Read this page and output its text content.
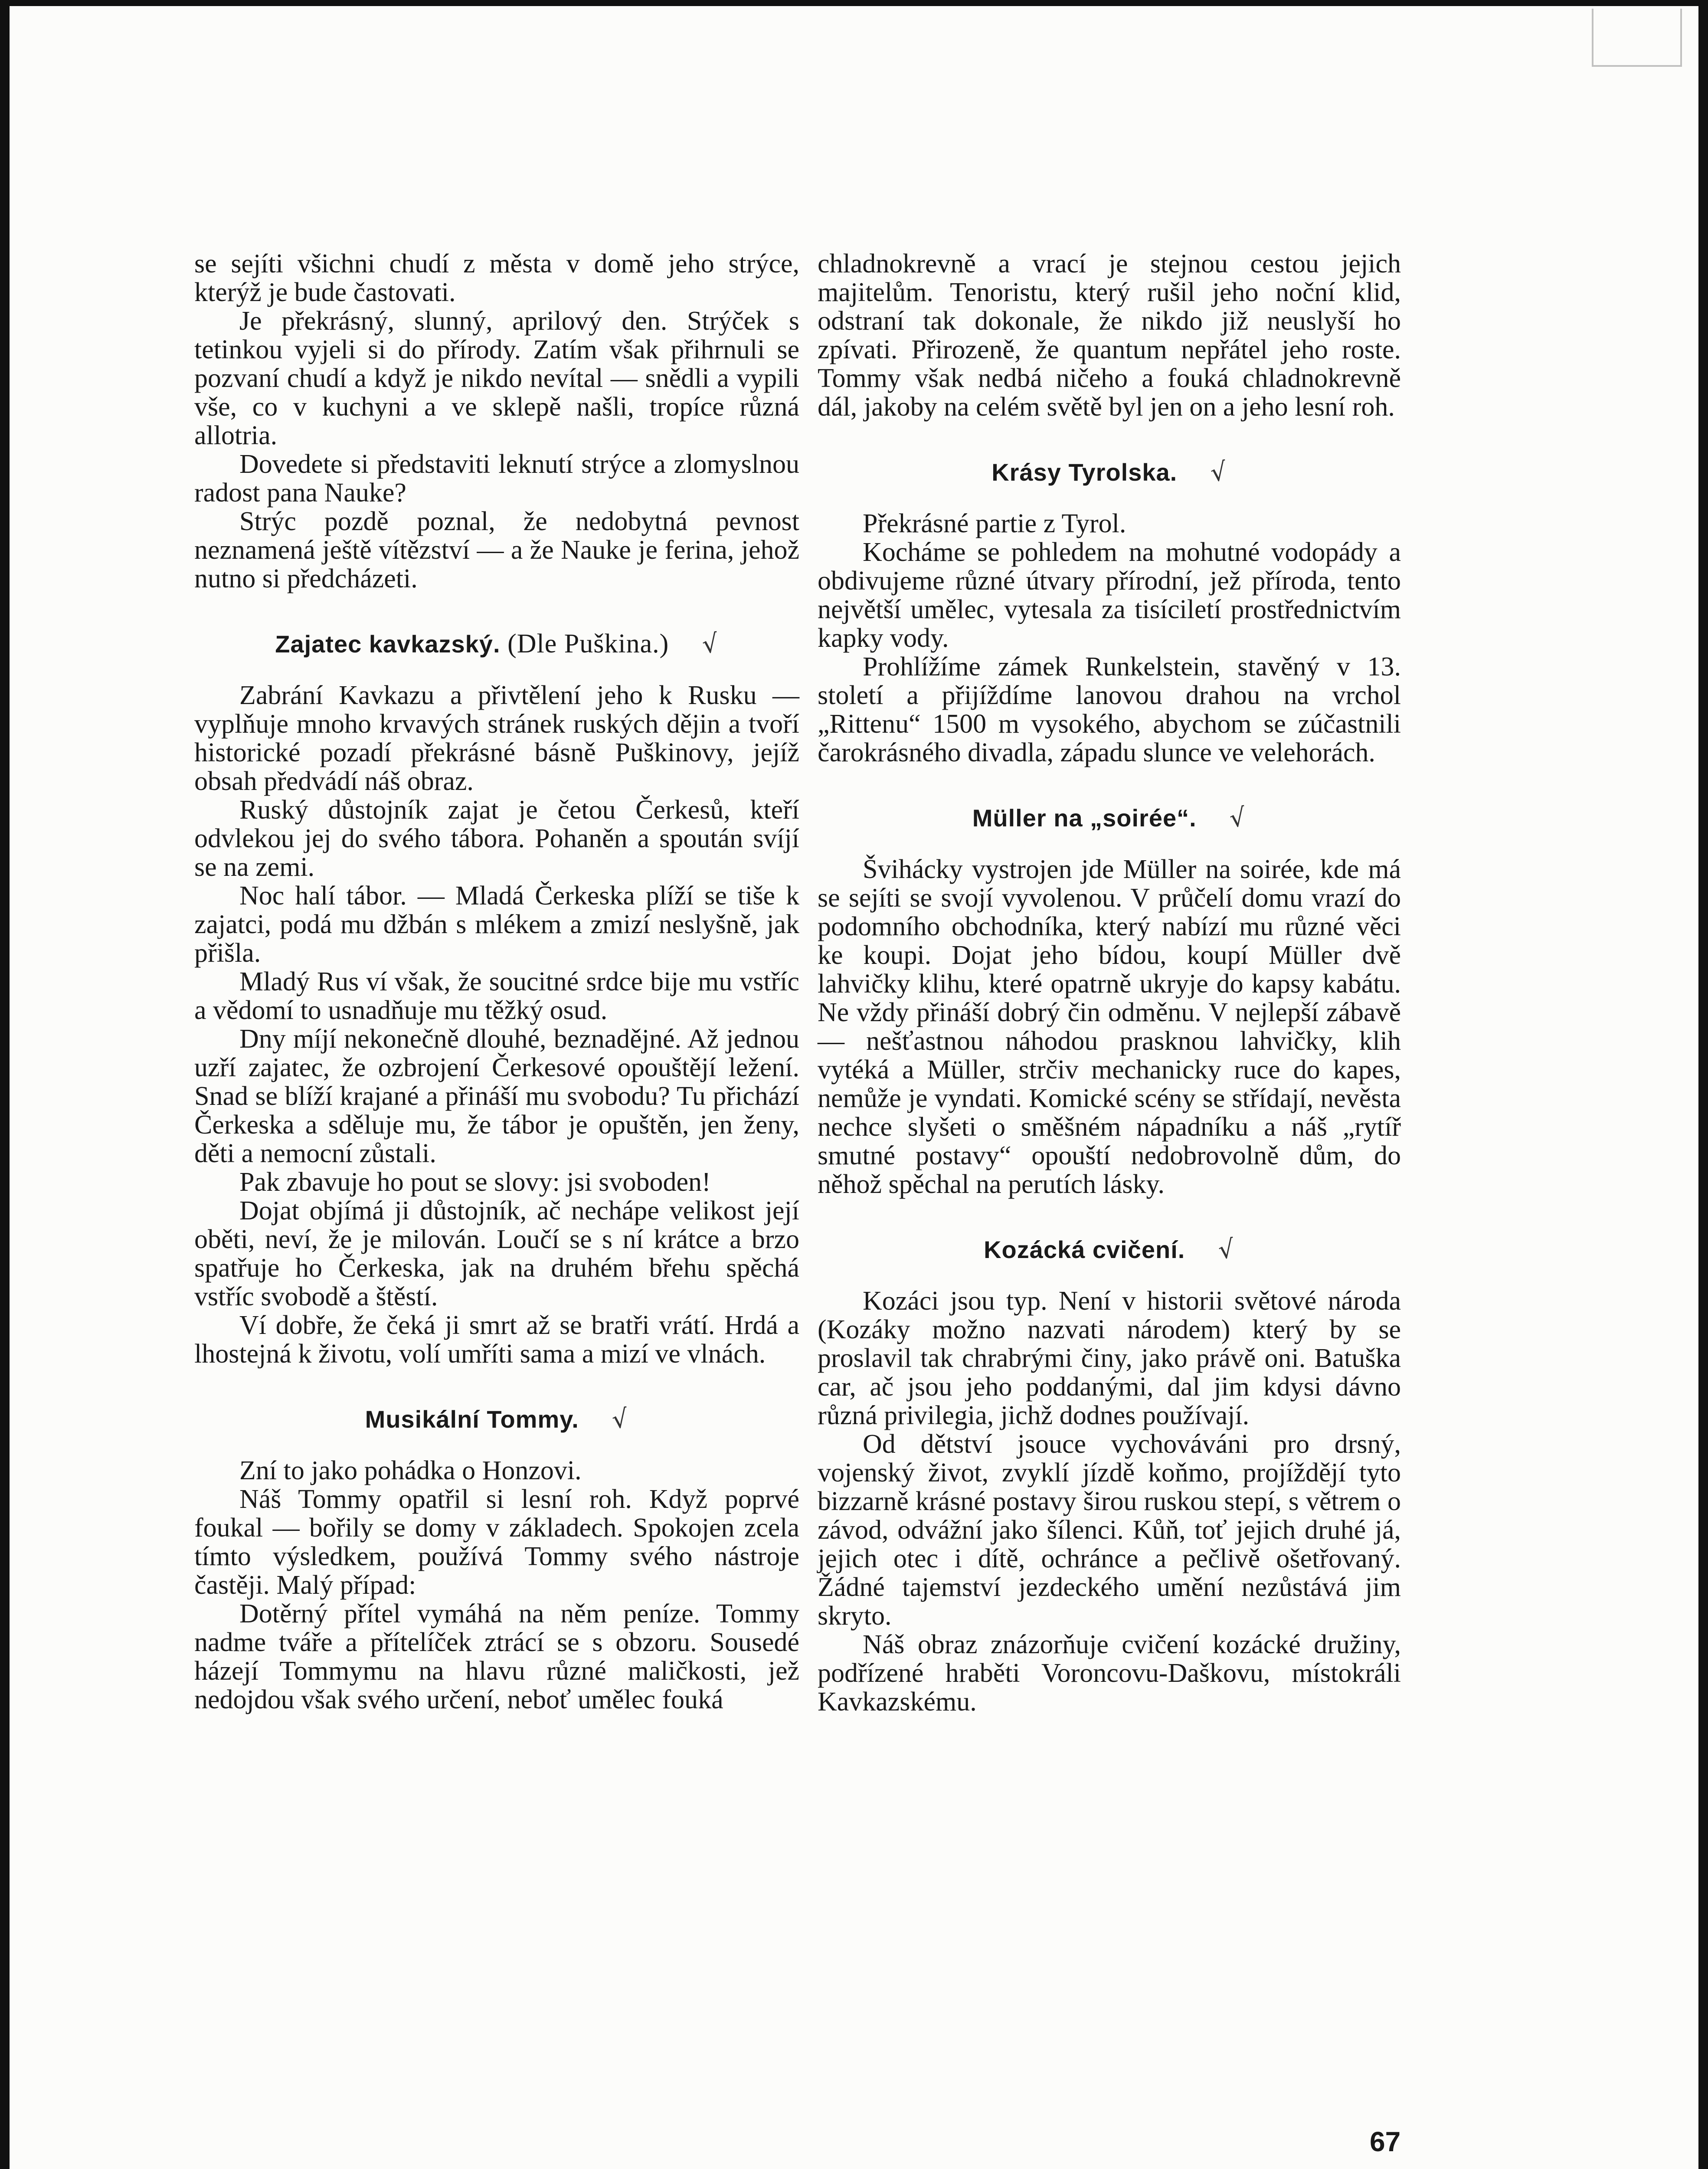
se sejíti všichni chudí z města v domě jeho strýce, kterýž je bude častovati.

Je překrásný, slunný, aprilový den. Strýček s tetinkou vyjeli si do přírody. Zatím však přihrnuli se pozvaní chudí a když je nikdo nevítal — snědli a vypili vše, co v kuchyni a ve sklepě našli, tropíce různá allotria.

Dovedete si představiti leknutí strýce a zlomyslnou radost pana Nauke?

Strýc pozdě poznal, že nedobytná pevnost neznamená ještě vítězství — a že Nauke je ferina, jehož nutno si předcházeti.

Zajatec kavkazský. (Dle Puškina.) √

Zabrání Kavkazu a přivtělení jeho k Rusku — vyplňuje mnoho krvavých stránek ruských dějin a tvoří historické pozadí překrásné básně Puškinovy, jejíž obsah předvádí náš obraz.

Ruský důstojník zajat je četou Čerkesů, kteří odvlekou jej do svého tábora. Pohaněn a spoután svíjí se na zemi.

Noc halí tábor. — Mladá Čerkeska plíží se tiše k zajatci, podá mu džbán s mlékem a zmizí neslyšně, jak přišla.

Mladý Rus ví však, že soucitné srdce bije mu vstříc a vědomí to usnadňuje mu těžký osud.

Dny míjí nekonečně dlouhé, beznadějné. Až jednou uzří zajatec, že ozbrojení Čerkesové opouštějí ležení. Snad se blíží krajané a přináší mu svobodu? Tu přichází Čerkeska a sděluje mu, že tábor je opuštěn, jen ženy, děti a nemocní zůstali.

Pak zbavuje ho pout se slovy: jsi svoboden!

Dojat objímá ji důstojník, ač nechápe velikost její oběti, neví, že je milován. Loučí se s ní krátce a brzo spatřuje ho Čerkeska, jak na druhém břehu spěchá vstříc svobodě a štěstí.

Ví dobře, že čeká ji smrt až se bratři vrátí. Hrdá a lhostejná k životu, volí umříti sama a mizí ve vlnách.

Musikální Tommy. √

Zní to jako pohádka o Honzovi.

Náš Tommy opatřil si lesní roh. Když poprvé foukal — bořily se domy v základech. Spokojen zcela tímto výsledkem, používá Tommy svého nástroje častěji. Malý případ:

Dotěrný přítel vymáhá na něm peníze. Tommy nadme tváře a přítelíček ztrácí se s obzoru. Sousedé házejí Tommymu na hlavu různé maličkosti, jež nedojdou však svého určení, neboť umělec fouká

chladnokrevně a vrací je stejnou cestou jejich majitelům. Tenoristu, který rušil jeho noční klid, odstraní tak dokonale, že nikdo již neuslyší ho zpívati. Přirozeně, že quantum nepřátel jeho roste. Tommy však nedbá ničeho a fouká chladnokrevně dál, jakoby na celém světě byl jen on a jeho lesní roh.

Krásy Tyrolska. √

Překrásné partie z Tyrol.

Kocháme se pohledem na mohutné vodopády a obdivujeme různé útvary přírodní, jež příroda, tento největší umělec, vytesala za tisíciletí prostřednictvím kapky vody.

Prohlížíme zámek Runkelstein, stavěný v 13. století a přijíždíme lanovou drahou na vrchol „Rittenu“ 1500 m vysokého, abychom se zúčastnili čarokrásného divadla, západu slunce ve velehorách.

Müller na „soirée“. √

Švihácky vystrojen jde Müller na soirée, kde má se sejíti se svojí vyvolenou. V průčelí domu vrazí do podomního obchodníka, který nabízí mu různé věci ke koupi. Dojat jeho bídou, koupí Müller dvě lahvičky klihu, které opatrně ukryje do kapsy kabátu. Ne vždy přináší dobrý čin odměnu. V nejlepší zábavě — nešťastnou náhodou prasknou lahvičky, klih vytéká a Müller, strčiv mechanicky ruce do kapes, nemůže je vyndati. Komické scény se střídají, nevěsta nechce slyšeti o směšném nápadníku a náš „rytíř smutné postavy“ opouští nedobrovolně dům, do něhož spěchal na perutích lásky.

Kozácká cvičení. √

Kozáci jsou typ. Není v historii světové národa (Kozáky možno nazvati národem) který by se proslavil tak chrabrými činy, jako právě oni. Batuška car, ač jsou jeho poddanými, dal jim kdysi dávno různá privilegia, jichž dodnes používají.

Od dětství jsouce vychováváni pro drsný, vojenský život, zvyklí jízdě koňmo, projíždějí tyto bizzarně krásné postavy širou ruskou stepí, s větrem o závod, odvážní jako šílenci. Kůň, toť jejich druhé já, jejich otec i dítě, ochránce a pečlivě ošetřovaný. Žádné tajemství jezdeckého umění nezůstává jim skryto.

Náš obraz znázorňuje cvičení kozácké družiny, podřízené hraběti Voroncovu-Daškovu, místokráli Kavkazskému.

67
